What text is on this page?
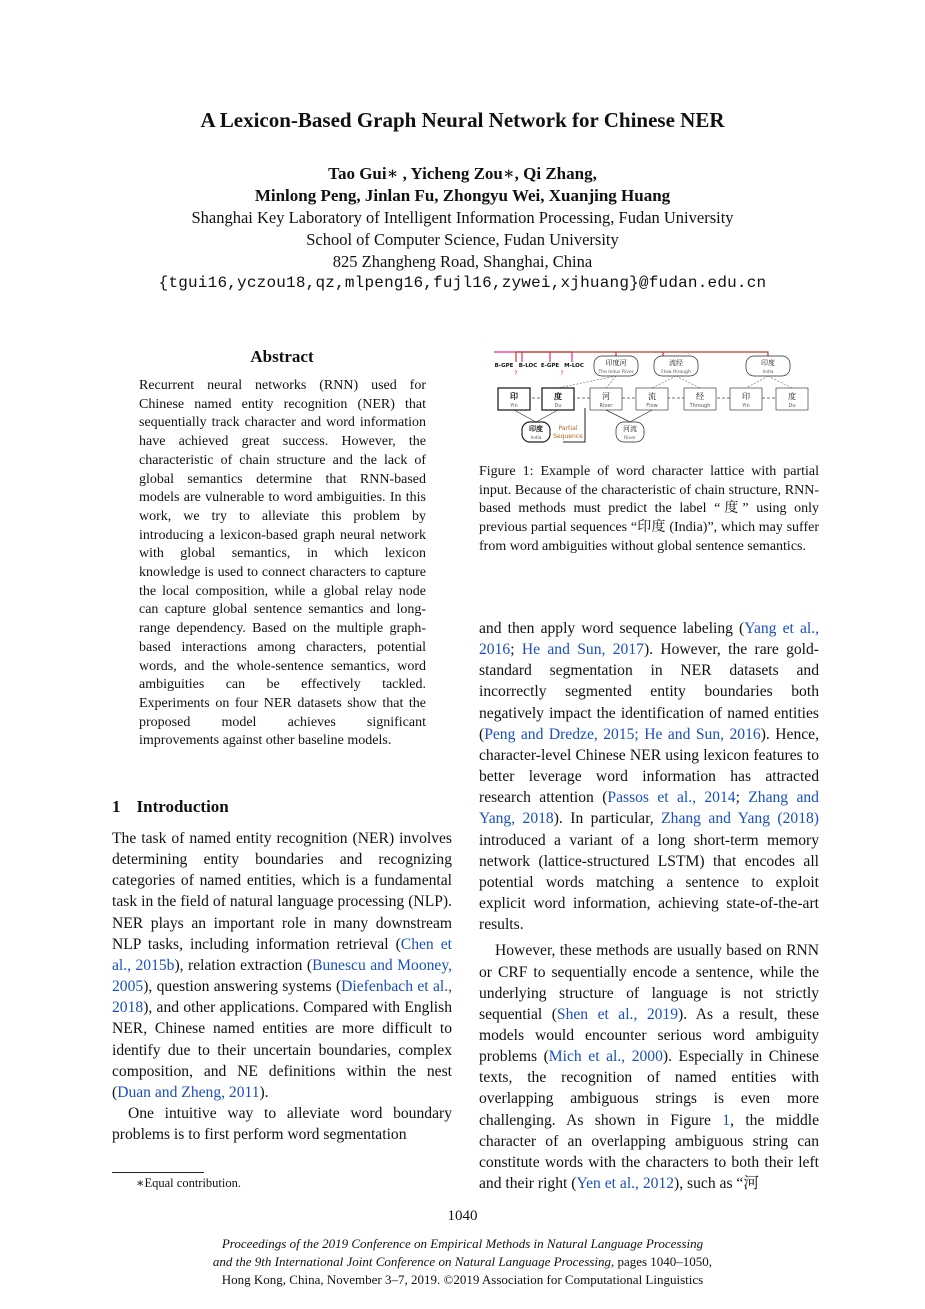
A Lexicon-Based Graph Neural Network for Chinese NER
Tao Gui∗ , Yicheng Zou∗, Qi Zhang,
Minlong Peng, Jinlan Fu, Zhongyu Wei, Xuanjing Huang
Shanghai Key Laboratory of Intelligent Information Processing, Fudan University
School of Computer Science, Fudan University
825 Zhangheng Road, Shanghai, China
{tgui16,yczou18,qz,mlpeng16,fujl16,zywei,xjhuang}@fudan.edu.cn
Abstract
Recurrent neural networks (RNN) used for Chinese named entity recognition (NER) that sequentially track character and word information have achieved great success. However, the characteristic of chain structure and the lack of global semantics determine that RNN-based models are vulnerable to word ambiguities. In this work, we try to alleviate this problem by introducing a lexicon-based graph neural network with global semantics, in which lexicon knowledge is used to connect characters to capture the local composition, while a global relay node can capture global sentence semantics and long-range dependency. Based on the multiple graph-based interactions among characters, potential words, and the whole-sentence semantics, word ambiguities can be effectively tackled. Experiments on four NER datasets show that the proposed model achieves significant improvements against other baseline models.
1 Introduction

The task of named entity recognition (NER) involves determining entity boundaries and recognizing categories of named entities, which is a fundamental task in the field of natural language processing (NLP). NER plays an important role in many downstream NLP tasks, including information retrieval (Chen et al., 2015b), relation extraction (Bunescu and Mooney, 2005), question answering systems (Diefenbach et al., 2018), and other applications. Compared with English NER, Chinese named entities are more difficult to identify due to their uncertain boundaries, complex composition, and NE definitions within the nest (Duan and Zheng, 2011).

One intuitive way to alleviate word boundary problems is to first perform word segmentation

∗Equal contribution.
B-GPE B-LOC E-GPE M-LOC
?	?
印度河
The Indus River
流经
Flow through
印度
India
印
Yin
度
Du
河
River
流
Flow
经
Through
印
Yin
度
Du
印度
India
河流
River
Partial
Sequence
Figure 1: Example of word character lattice with partial input. Because of the characteristic of chain structure, RNN-based methods must predict the label “度” using only previous partial sequences “印度 (India)”, which may suffer from word ambiguities without global sentence semantics.

and then apply word sequence labeling (Yang et al., 2016; He and Sun, 2017). However, the rare gold-standard segmentation in NER datasets and incorrectly segmented entity boundaries both negatively impact the identification of named entities (Peng and Dredze, 2015; He and Sun, 2016). Hence, character-level Chinese NER using lexicon features to better leverage word information has attracted research attention (Passos et al., 2014; Zhang and Yang, 2018). In particular, Zhang and Yang (2018) introduced a variant of a long short-term memory network (lattice-structured LSTM) that encodes all potential words matching a sentence to exploit explicit word information, achieving state-of-the-art results.

However, these methods are usually based on RNN or CRF to sequentially encode a sentence, while the underlying structure of language is not strictly sequential (Shen et al., 2019). As a result, these models would encounter serious word ambiguity problems (Mich et al., 2000). Especially in Chinese texts, the recognition of named entities with overlapping ambiguous strings is even more challenging. As shown in Figure 1, the middle character of an overlapping ambiguous string can constitute words with the characters to both their left and their right (Yen et al., 2012), such as “河

1040
Proceedings of the 2019 Conference on Empirical Methods in Natural Language Processing
and the 9th International Joint Conference on Natural Language Processing, pages 1040–1050,
Hong Kong, China, November 3–7, 2019. ©2019 Association for Computational Linguistics
